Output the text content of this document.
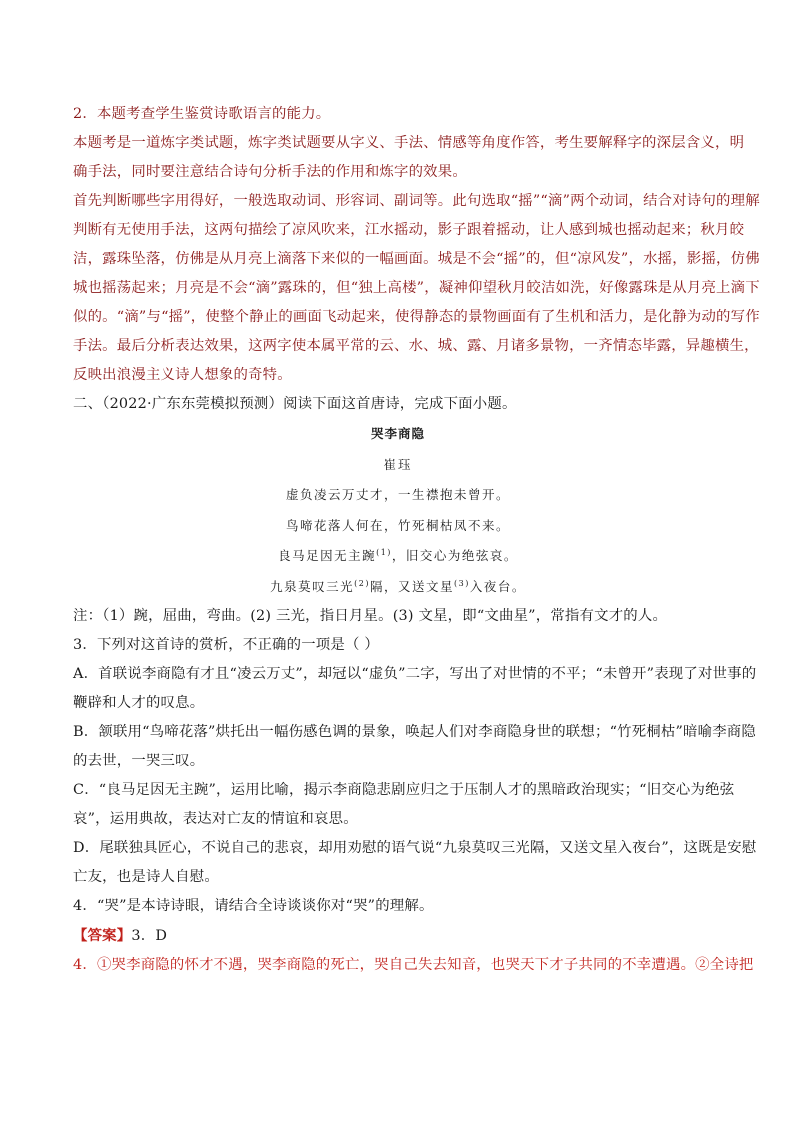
2．本题考查学生鉴赏诗歌语言的能力。
本题考是一道炼字类试题，炼字类试题要从字义、手法、情感等角度作答，考生要解释字的深层含义，明
确手法，同时要注意结合诗句分析手法的作用和炼字的效果。
首先判断哪些字用得好，一般选取动词、形容词、副词等。此句选取“摇”“滴”两个动词，结合对诗句的理解
判断有无使用手法，这两句描绘了凉风吹来，江水摇动，影子跟着摇动，让人感到城也摇动起来；秋月皎
洁，露珠坠落，仿佛是从月亮上滴落下来似的一幅画面。城是不会“摇”的，但“凉风发”，水摇，影摇，仿佛
城也摇荡起来；月亮是不会“滴”露珠的，但“独上高楼”，凝神仰望秋月皎洁如洗，好像露珠是从月亮上滴下
似的。“滴”与“摇”，使整个静止的画面飞动起来，使得静态的景物画面有了生机和活力，是化静为动的写作
手法。最后分析表达效果，这两字使本属平常的云、水、城、露、月诸多景物，一齐情态毕露，异趣横生，
反映出浪漫主义诗人想象的奇特。
二、（2022·广东东莞模拟预测）阅读下面这首唐诗，完成下面小题。
哭李商隐
崔珏
虚负凌云万丈才，一生襟抱未曾开。
鸟啼花落人何在，竹死桐枯凤不来。
良马足因无主踠$^{(1)}$，旧交心为绝弦哀。
九泉莫叹三光$^{(2)}$隔，又送文星$^{(3)}$入夜台。
注：（1）踠，屈曲，弯曲。(2) 三光，指日月星。(3) 文星，即“文曲星”，常指有文才的人。
3．下列对这首诗的赏析，不正确的一项是（ ）
A．首联说李商隐有才且“凌云万丈”，却冠以“虚负”二字，写出了对世情的不平；“未曾开”表现了对世事的
鞭辟和人才的叹息。
B．颔联用“鸟啼花落”烘托出一幅伤感色调的景象，唤起人们对李商隐身世的联想；“竹死桐枯”暗喻李商隐
的去世，一哭三叹。
C．“良马足因无主踠”，运用比喻，揭示李商隐悲剧应归之于压制人才的黑暗政治现实；“旧交心为绝弦
哀”，运用典故，表达对亡友的情谊和哀思。
D．尾联独具匠心，不说自己的悲哀，却用劝慰的语气说“九泉莫叹三光隔，又送文星入夜台”，这既是安慰
亡友，也是诗人自慰。
4．“哭”是本诗诗眼，请结合全诗谈谈你对“哭”的理解。
【答案】3．D
4．①哭李商隐的怀才不遇，哭李商隐的死亡，哭自己失去知音，也哭天下才子共同的不幸遭遇。②全诗把
